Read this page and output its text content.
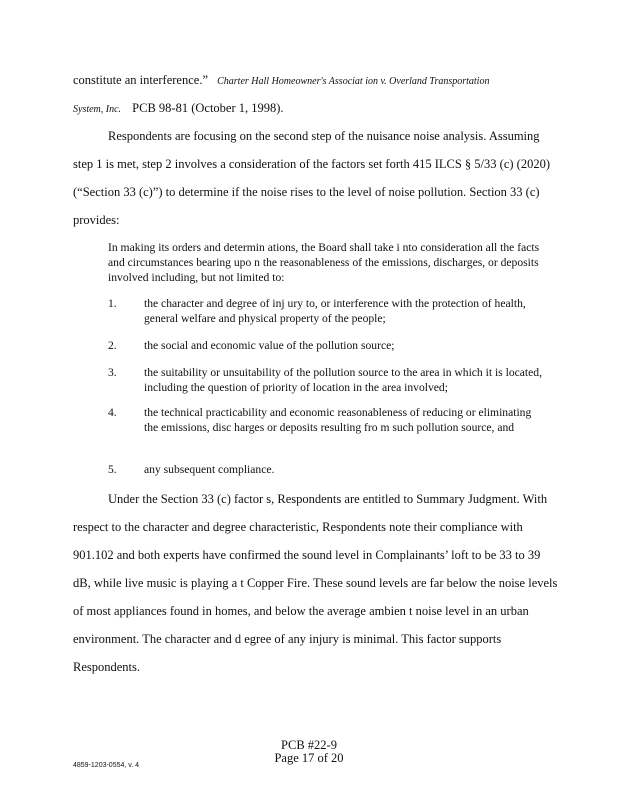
constitute an interference.” Charter Hall Homeowner's Associat ion v. Overland Transportation
System, Inc. PCB 98-81 (October 1, 1998).
Respondents are focusing on the second step of the nuisance noise analysis. Assuming
step 1 is met, step 2 involves a consideration of the factors set forth 415 ILCS § 5/33 (c) (2020)
(“Section 33 (c)”) to determine if the noise rises to the level of noise pollution. Section 33 (c)
provides:
In making its orders and determin ations, the Board shall take i nto consideration all the facts and circumstances bearing upo n the reasonableness of the emissions, discharges, or deposits involved including, but not limited to:
1. the character and degree of inj ury to, or interference with the protection of health, general welfare and physical property of the people;
2. the social and economic value of the pollution source;
3. the suitability or unsuitability of the pollution source to the area in which it is located, including the question of priority of location in the area involved;
4. the technical practicability and economic reasonableness of reducing or eliminating the emissions, disc harges or deposits resulting fro m such pollution source, and
5. any subsequent compliance.
Under the Section 33 (c) factor s, Respondents are entitled to Summary Judgment. With
respect to the character and degree characteristic, Respondents note their compliance with
901.102 and both experts have confirmed the sound level in Complainants’ loft to be 33 to 39
dB, while live music is playing a t Copper Fire. These sound levels are far below the noise levels
of most appliances found in homes, and below the average ambien t noise level in an urban
environment. The character and d egree of any injury is minimal. This factor supports
Respondents.
PCB #22-9
Page 17 of 20
4859-1203-0554, v. 4
